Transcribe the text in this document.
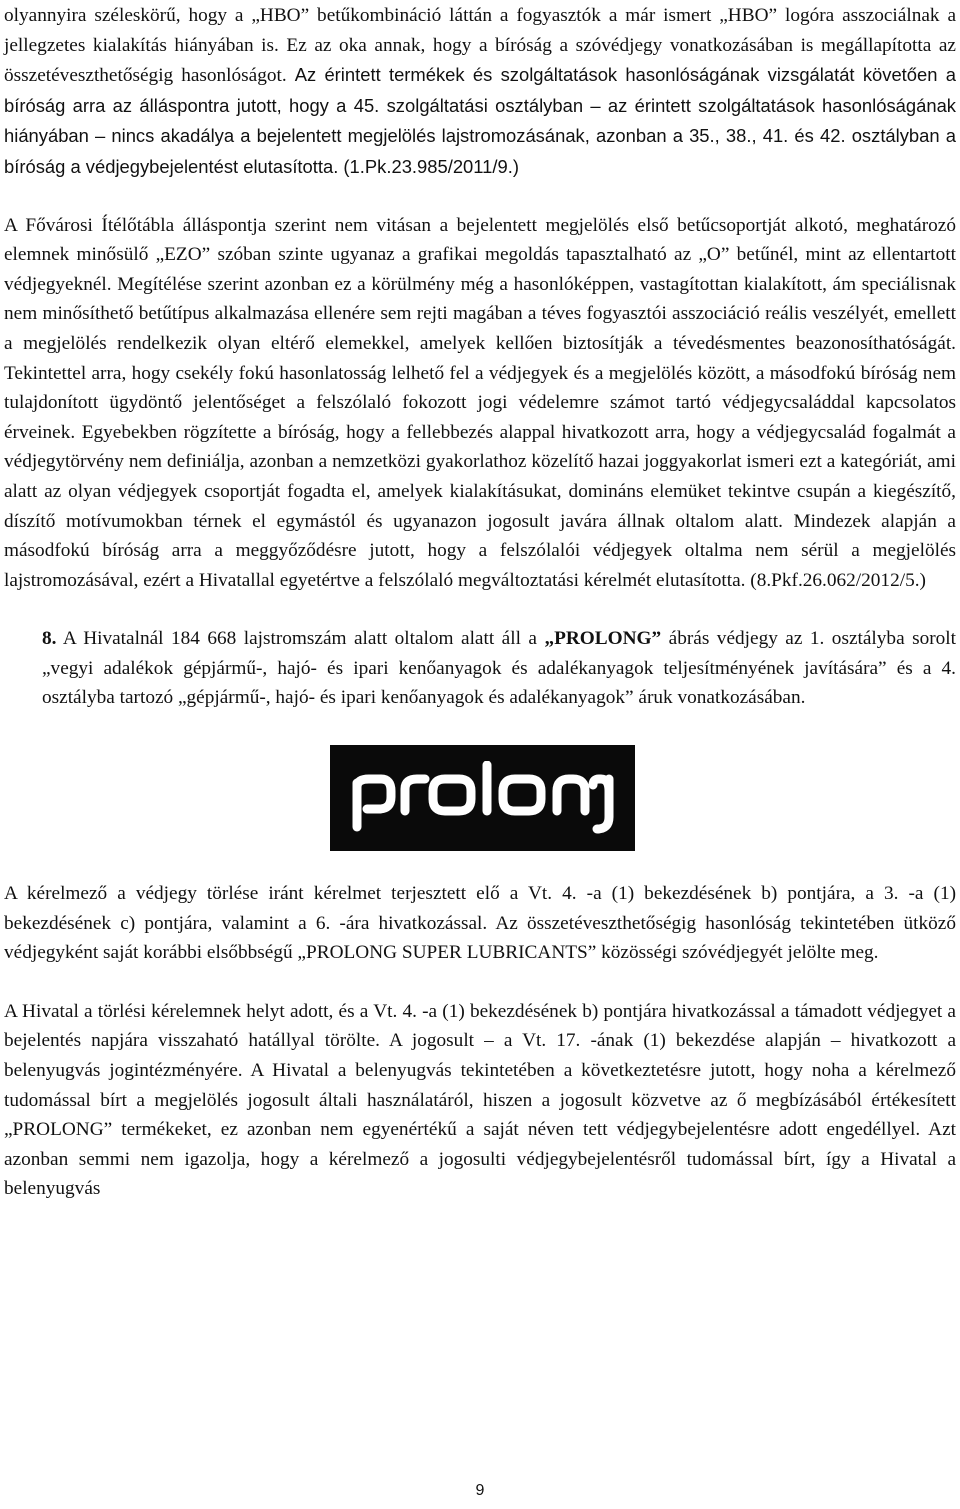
olyannyira széleskörű, hogy a „HBO” betűkombináció láttán a fogyasztók a már ismert „HBO” logóra asszociálnak a jellegzetes kialakítás hiányában is. Ez az oka annak, hogy a bíróság a szóvédjegy vonatkozásában is megállapította az összetéveszthetőségig hasonlóságot. Az érintett termékek és szolgáltatások hasonlóságának vizsgálatát követően a bíróság arra az álláspontra jutott, hogy a 45. szolgáltatási osztályban – az érintett szolgáltatások hasonlóságának hiányában – nincs akadálya a bejelentett megjelölés lajstromozásának, azonban a 35., 38., 41. és 42. osztályban a bíróság a védjegybejelentést elutasította. (1.Pk.23.985/2011/9.)

A Fővárosi Ítélőtábla álláspontja szerint nem vitásan a bejelentett megjelölés első betűcsoportját alkotó, meghatározó elemnek minősülő „EZO” szóban szinte ugyanaz a grafikai megoldás tapasztalható az „O” betűnél, mint az ellentartott védjegyeknél. Megítélése szerint azonban ez a körülmény még a hasonlóképpen, vastagítottan kialakított, ám speciálisnak nem minősíthető betűtípus alkalmazása ellenére sem rejti magában a téves fogyasztói asszociáció reális veszélyét, emellett a megjelölés rendelkezik olyan eltérő elemekkel, amelyek kellően biztosítják a tévedésmentes beazonosíthatóságát. Tekintettel arra, hogy csekély fokú hasonlatosság lelhető fel a védjegyek és a megjelölés között, a másodfokú bíróság nem tulajdonított ügydöntő jelentőséget a felszólaló fokozott jogi védelemre számot tartó védjegycsaláddal kapcsolatos érveinek. Egyebekben rögzítette a bíróság, hogy a fellebbezés alappal hivatkozott arra, hogy a védjegycsalád fogalmát a védjegytörvény nem definiálja, azonban a nemzetközi gyakorlathoz közelítő hazai joggyakorlat ismeri ezt a kategóriát, ami alatt az olyan védjegyek csoportját fogadta el, amelyek kialakításukat, domináns elemüket tekintve csupán a kiegészítő, díszítő motívumokban térnek el egymástól és ugyanazon jogosult javára állnak oltalom alatt. Mindezek alapján a másodfokú bíróság arra a meggyőződésre jutott, hogy a felszólalói védjegyek oltalma nem sérül a megjelölés lajstromozásával, ezért a Hivatallal egyetértve a felszólaló megváltoztatási kérelmét elutasította. (8.Pkf.26.062/2012/5.)

8. A Hivatalnál 184 668 lajstromszám alatt oltalom alatt áll a „PROLONG” ábrás védjegy az 1. osztályba sorolt „vegyi adalékok gépjármű-, hajó- és ipari kenőanyagok és adalékanyagok teljesítményének javítására” és a 4. osztályba tartozó „gépjármű-, hajó- és ipari kenőanyagok és adalékanyagok” áruk vonatkozásában.

A kérelmező a védjegy törlése iránt kérelmet terjesztett elő a Vt. 4. -a (1) bekezdésének b) pontjára, a 3. -a (1) bekezdésének c) pontjára, valamint a 6. -ára hivatkozással. Az összetéveszthetőségig hasonlóság tekintetében ütköző védjegyként saját korábbi elsőbbségű „PROLONG SUPER LUBRICANTS” közösségi szóvédjegyét jelölte meg.

A Hivatal a törlési kérelemnek helyt adott, és a Vt. 4. -a (1) bekezdésének b) pontjára hivatkozással a támadott védjegyet a bejelentés napjára visszaható hatállyal törölte. A jogosult – a Vt. 17. -ának (1) bekezdése alapján – hivatkozott a belenyugvás jogintézményére. A Hivatal a belenyugvás tekintetében a következtetésre jutott, hogy noha a kérelmező tudomással bírt a megjelölés jogosult általi használatáról, hiszen a jogosult közvetve az ő megbízásából értékesített „PROLONG” termékeket, ez azonban nem egyenértékű a saját néven tett védjegybejelentésre adott engedéllyel. Azt azonban semmi nem igazolja, hogy a kérelmező a jogosulti védjegybejelentésről tudomással bírt, így a Hivatal a belenyugvás

9
